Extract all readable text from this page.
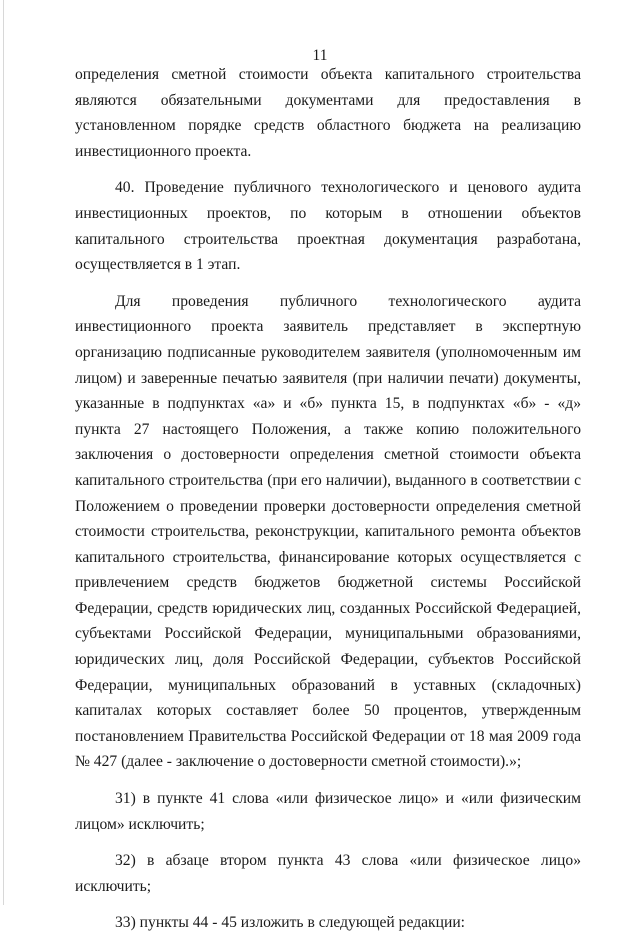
11

определения сметной стоимости объекта капитального строительства являются обязательными документами для предоставления в установленном порядке средств областного бюджета на реализацию инвестиционного проекта.

40. Проведение публичного технологического и ценового аудита инвестиционных проектов, по которым в отношении объектов капитального строительства проектная документация разработана, осуществляется в 1 этап.

Для проведения публичного технологического аудита инвестиционного проекта заявитель представляет в экспертную организацию подписанные руководителем заявителя (уполномоченным им лицом) и заверенные печатью заявителя (при наличии печати) документы, указанные в подпунктах «а» и «б» пункта 15, в подпунктах «б» - «д» пункта 27 настоящего Положения, а также копию положительного заключения о достоверности определения сметной стоимости объекта капитального строительства (при его наличии), выданного в соответствии с Положением о проведении проверки достоверности определения сметной стоимости строительства, реконструкции, капитального ремонта объектов капитального строительства, финансирование которых осуществляется с привлечением средств бюджетов бюджетной системы Российской Федерации, средств юридических лиц, созданных Российской Федерацией, субъектами Российской Федерации, муниципальными образованиями, юридических лиц, доля Российской Федерации, субъектов Российской Федерации, муниципальных образований в уставных (складочных) капиталах которых составляет более 50 процентов, утвержденным постановлением Правительства Российской Федерации от 18 мая 2009 года № 427 (далее - заключение о достоверности сметной стоимости).»;

31) в пункте 41 слова «или физическое лицо» и «или физическим лицом» исключить;

32) в абзаце втором пункта 43 слова «или физическое лицо» исключить;

33) пункты 44 - 45 изложить в следующей редакции:
